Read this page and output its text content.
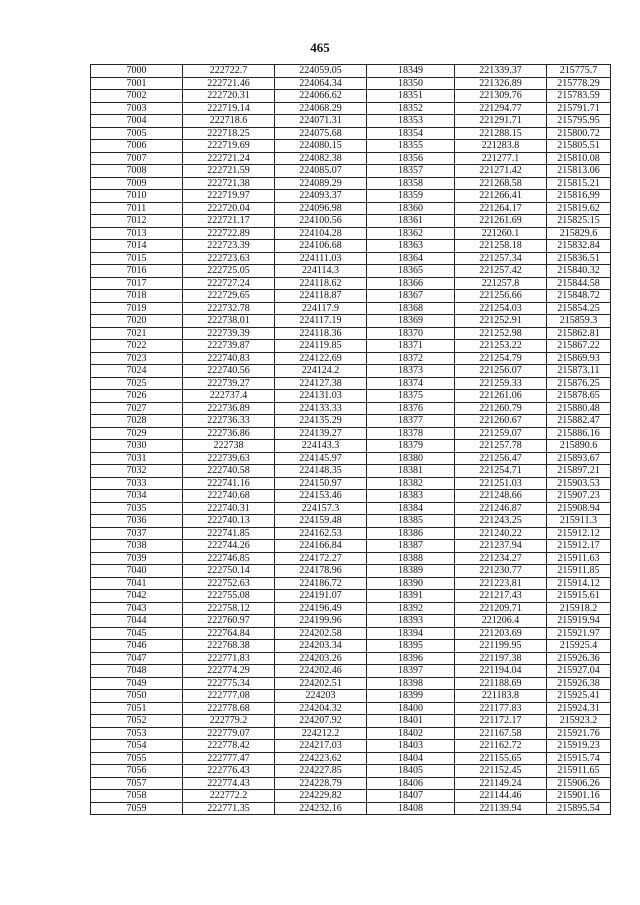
465
7000	222722.7	224059.05	18349	221339.37	215775.7
7001	222721.46	224064.34	18350	221326.89	215778.29
7002	222720.31	224066.62	18351	221309.76	215783.59
7003	222719.14	224068.29	18352	221294.77	215791.71
7004	222718.6	224071.31	18353	221291.71	215795.95
7005	222718.25	224075.68	18354	221288.15	215800.72
7006	222719.69	224080.15	18355	221283.8	215805.51
7007	222721.24	224082.38	18356	221277.1	215810.08
7008	222721.59	224085.07	18357	221271.42	215813.06
7009	222721.38	224089.29	18358	221268.58	215815.21
7010	222719.97	224093.37	18359	221266.41	215816.99
7011	222720.04	224096.98	18360	221264.17	215819.62
7012	222721.17	224100.56	18361	221261.69	215825.15
7013	222722.89	224104.28	18362	221260.1	215829.6
7014	222723.39	224106.68	18363	221258.18	215832.84
7015	222723.63	224111.03	18364	221257.34	215836.51
7016	222725.05	224114.3	18365	221257.42	215840.32
7017	222727.24	224118.62	18366	221257.8	215844.58
7018	222729.65	224118.87	18367	221256.66	215848.72
7019	222732.78	224117.9	18368	221254.03	215854.25
7020	222738.01	224117.19	18369	221252.91	215859.3
7021	222739.39	224118.36	18370	221252.98	215862.81
7022	222739.87	224119.85	18371	221253.22	215867.22
7023	222740.83	224122.69	18372	221254.79	215869.93
7024	222740.56	224124.2	18373	221256.07	215873.11
7025	222739.27	224127.38	18374	221259.33	215876.25
7026	222737.4	224131.03	18375	221261.06	215878.65
7027	222736.89	224133.33	18376	221260.79	215880.48
7028	222736.33	224135.29	18377	221260.67	215882.47
7029	222736.86	224139.27	18378	221259.07	215886.16
7030	222738	224143.3	18379	221257.78	215890.6
7031	222739.63	224145.97	18380	221256.47	215893.67
7032	222740.58	224148.35	18381	221254.71	215897.21
7033	222741.16	224150.97	18382	221251.03	215903.53
7034	222740.68	224153.46	18383	221248.66	215907.23
7035	222740.31	224157.3	18384	221246.87	215908.94
7036	222740.13	224159.48	18385	221243.25	215911.3
7037	222741.85	224162.53	18386	221240.22	215912.12
7038	222744.26	224166.84	18387	221237.94	215912.17
7039	222746.85	224172.27	18388	221234.27	215911.63
7040	222750.14	224178.96	18389	221230.77	215911.85
7041	222752.63	224186.72	18390	221223.81	215914.12
7042	222755.08	224191.07	18391	221217.43	215915.61
7043	222758.12	224196.49	18392	221209.71	215918.2
7044	222760.97	224199.96	18393	221206.4	215919.94
7045	222764.84	224202.58	18394	221203.69	215921.97
7046	222768.38	224203.34	18395	221199.95	215925.4
7047	222771.83	224203.26	18396	221197.38	215926.36
7048	222774.29	224202.46	18397	221194.04	215927.04
7049	222775.34	224202.51	18398	221188.69	215926.38
7050	222777.08	224203	18399	221183.8	215925.41
7051	222778.68	224204.32	18400	221177.83	215924.31
7052	222779.2	224207.92	18401	221172.17	215923.2
7053	222779.07	224212.2	18402	221167.58	215921.76
7054	222778.42	224217.03	18403	221162.72	215919.23
7055	222777.47	224223.62	18404	221155.65	215915.74
7056	222776.43	224227.85	18405	221152.45	215911.65
7057	222774.43	224228.79	18406	221149.24	215906.26
7058	222772.2	224229.82	18407	221144.46	215901.16
7059	222771.35	224232.16	18408	221139.94	215895.54
